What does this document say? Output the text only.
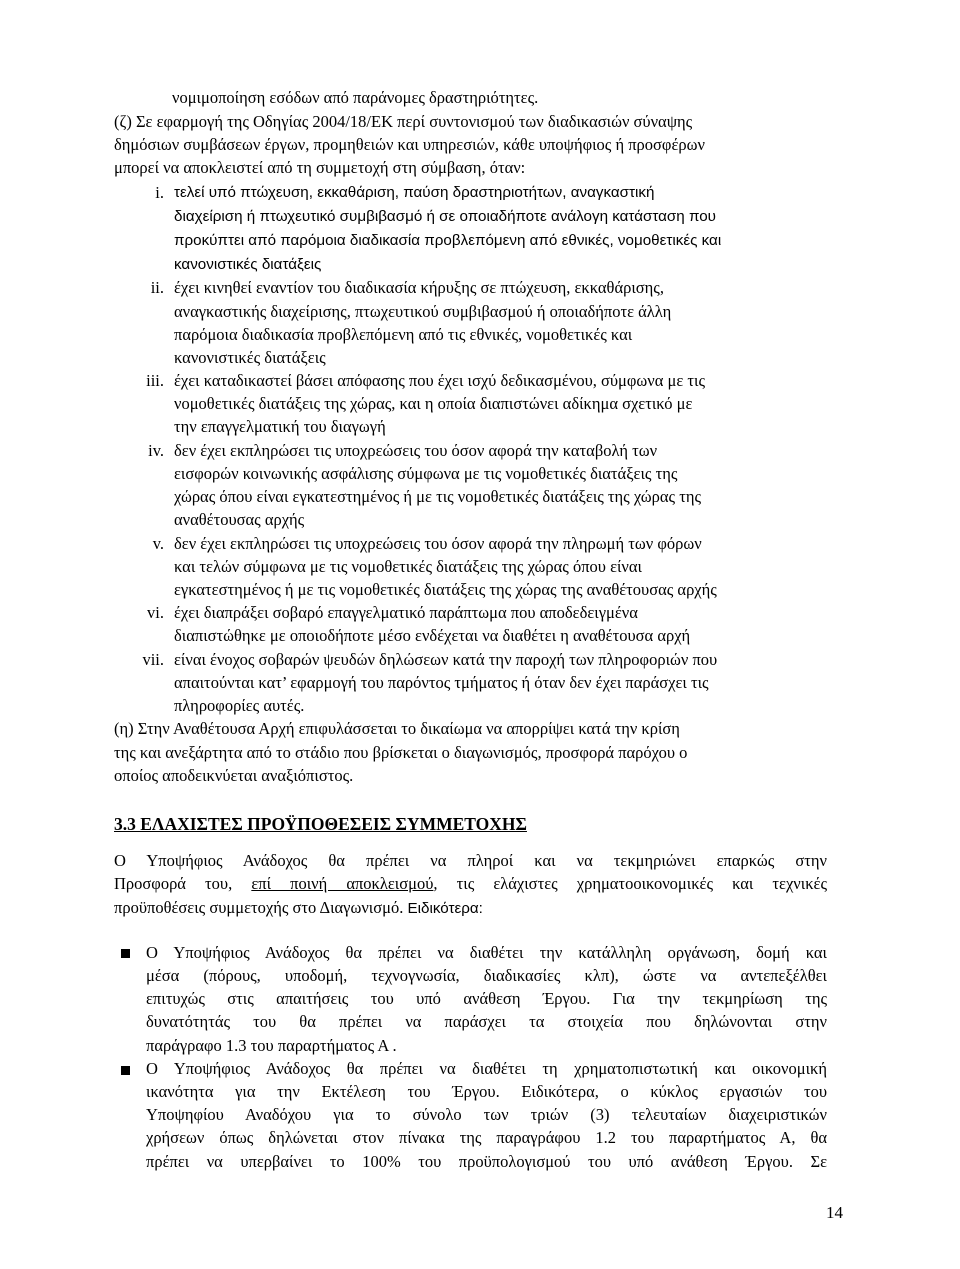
νομιμοποίηση εσόδων από παράνομες δραστηριότητες.
(ζ) Σε εφαρμογή της Οδηγίας 2004/18/ΕΚ περί συντονισμού των διαδικασιών σύναψης
δημόσιων συμβάσεων έργων, προμηθειών και υπηρεσιών, κάθε υποψήφιος ή προσφέρων
μπορεί να αποκλειστεί από τη συμμετοχή στη σύμβαση, όταν:
i. τελεί υπό πτώχευση, εκκαθάριση, παύση δραστηριοτήτων, αναγκαστική
διαχείριση ή πτωχευτικό συμβιβασμό ή σε οποιαδήποτε ανάλογη κατάσταση που
προκύπτει από παρόμοια διαδικασία προβλεπόμενη από εθνικές, νομοθετικές και
κανονιστικές διατάξεις
ii. έχει κινηθεί εναντίον του διαδικασία κήρυξης σε πτώχευση, εκκαθάρισης,
αναγκαστικής διαχείρισης, πτωχευτικού συμβιβασμού ή οποιαδήποτε άλλη
παρόμοια διαδικασία προβλεπόμενη από τις εθνικές, νομοθετικές και
κανονιστικές διατάξεις
iii. έχει καταδικαστεί βάσει απόφασης που έχει ισχύ δεδικασμένου, σύμφωνα με τις
νομοθετικές διατάξεις της χώρας, και η οποία διαπιστώνει αδίκημα σχετικό με
την επαγγελματική του διαγωγή
iv. δεν έχει εκπληρώσει τις υποχρεώσεις του όσον αφορά την καταβολή των
εισφορών κοινωνικής ασφάλισης σύμφωνα με τις νομοθετικές διατάξεις της
χώρας όπου είναι εγκατεστημένος ή με τις νομοθετικές διατάξεις της χώρας της
αναθέτουσας αρχής
v. δεν έχει εκπληρώσει τις υποχρεώσεις του όσον αφορά την πληρωμή των φόρων
και τελών σύμφωνα με τις νομοθετικές διατάξεις της χώρας όπου είναι
εγκατεστημένος ή με τις νομοθετικές διατάξεις της χώρας της αναθέτουσας αρχής
vi. έχει διαπράξει σοβαρό επαγγελματικό παράπτωμα που αποδεδειγμένα
διαπιστώθηκε με οποιοδήποτε μέσο ενδέχεται να διαθέτει η αναθέτουσα αρχή
vii. είναι ένοχος σοβαρών ψευδών δηλώσεων κατά την παροχή των πληροφοριών που
απαιτούνται κατ’ εφαρμογή του παρόντος τμήματος ή όταν δεν έχει παράσχει τις
πληροφορίες αυτές.
(η) Στην Αναθέτουσα Αρχή επιφυλάσσεται το δικαίωμα να απορρίψει κατά την κρίση
της και ανεξάρτητα από το στάδιο που βρίσκεται ο διαγωνισμός, προσφορά παρόχου ο
οποίος αποδεικνύεται αναξιόπιστος.
3.3 ΕΛΑΧΙΣΤΕΣ ΠΡΟΫΠΟΘΕΣΕΙΣ ΣΥΜΜΕΤΟΧΗΣ
Ο Υποψήφιος Ανάδοχος θα πρέπει να πληροί και να τεκμηριώνει επαρκώς στην
Προσφορά του, επί ποινή αποκλεισμού, τις ελάχιστες χρηματοοικονομικές και τεχνικές
προϋποθέσεις συμμετοχής στο Διαγωνισμό. Ειδικότερα:
Ο Υποψήφιος Ανάδοχος θα πρέπει να διαθέτει την κατάλληλη οργάνωση, δομή και
μέσα (πόρους, υποδομή, τεχνογνωσία, διαδικασίες κλπ), ώστε να αντεπεξέλθει
επιτυχώς στις απαιτήσεις του υπό ανάθεση Έργου. Για την τεκμηρίωση της
δυνατότητάς του θα πρέπει να παράσχει τα στοιχεία που δηλώνονται στην
παράγραφο 1.3 του παραρτήματος Α .
Ο Υποψήφιος Ανάδοχος θα πρέπει να διαθέτει τη χρηματοπιστωτική και οικονομική
ικανότητα για την Εκτέλεση του Έργου. Ειδικότερα, ο κύκλος εργασιών του
Υποψηφίου Αναδόχου για το σύνολο των τριών (3) τελευταίων διαχειριστικών
χρήσεων όπως δηλώνεται στον πίνακα της παραγράφου 1.2 του παραρτήματος Α, θα
πρέπει να υπερβαίνει το 100% του προϋπολογισμού του υπό ανάθεση Έργου. Σε
14
